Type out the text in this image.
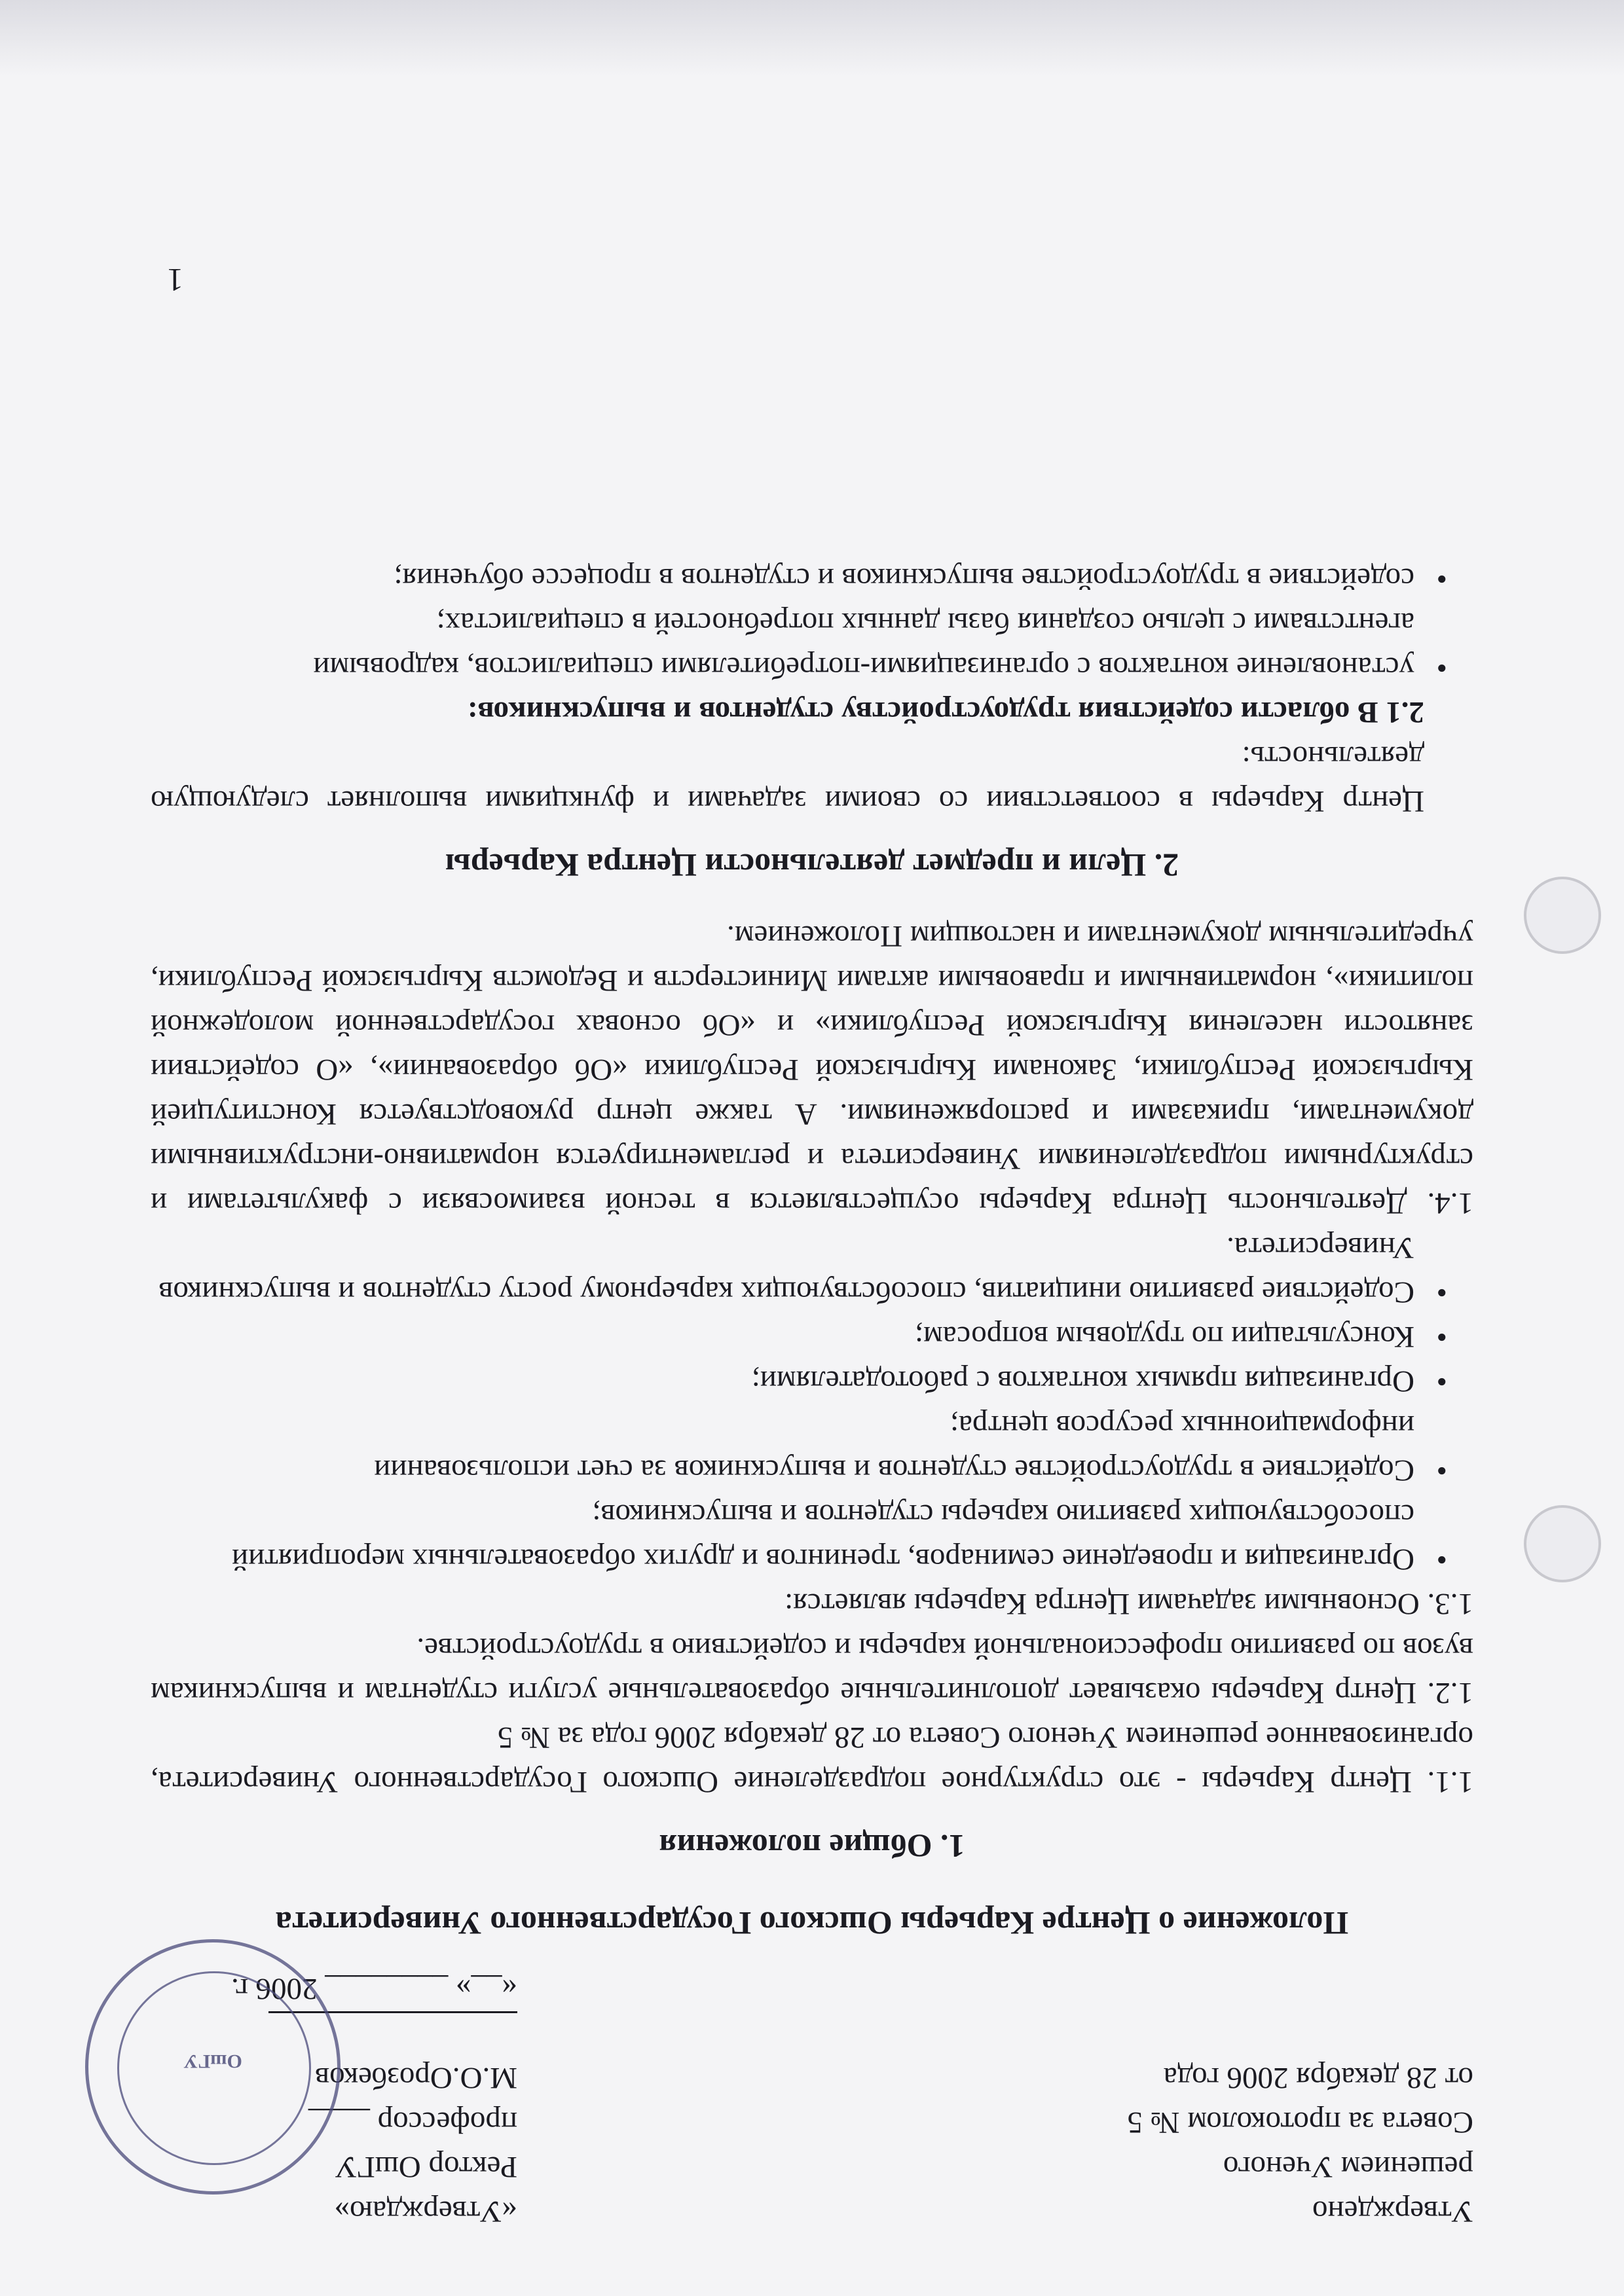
Утверждено
решением Ученого
Совета за протоколом № 5
от 28 декабря 2006 года
«Утверждаю»
Ректор ОшГУ
профессор ____ М.О.Орозбеков
«__» ________ 2006 г.
ОшГУ
Положение о Центре Карьеры Ошского Государственного Университета
1. Общие положения

1.1. Центр Карьеры - это структурное подразделение Ошского Государственного Университета, организованное решением Ученого Совета от 28 декабря 2006 года за № 5

1.2. Центр Карьеры оказывает дополнительные образовательные услуги студентам и выпускникам вузов по развитию профессиональной карьеры и содействию в трудоустройстве.

1.3. Основными задачами Центра Карьеры является:

• Организация и проведение семинаров, тренингов и других образовательных мероприятий способствующих развитию карьеры студентов и выпускников;
• Содействие в трудоустройстве студентов и выпускников за счет использовании информационных ресурсов центра;
• Организация прямых контактов с работодателями;
• Консультации по трудовым вопросам;
• Содействие развитию инициатив, способствующих карьерному росту студентов и выпускников Университета.

1.4. Деятельность Центра Карьеры осуществляется в тесной взаимосвязи с факультетами и структурными подразделениями Университета и регламентируется нормативно-инструктивными документами, приказами и распоряжениями. А также центр руководствуется Конституцией Кыргызской Республики, Законами Кыргызской Республики «Об образовании», «О содействии занятости населения Кыргызской Республики» и «Об основах государственной молодежной политики», нормативными и правовыми актами Министерств и Ведомств Кыргызской Республики, учредительным документами и настоящим Положением.

2. Цели и предмет деятельности Центра Карьеры

Центр Карьеры в соответствии со своими задачами и функциями выполняет следующую деятельность:

2.1 В области содействия трудоустройству студентов и выпускников:

• установление контактов с организациями-потребителями специалистов, кадровыми агентствами с целью создания базы данных потребностей в специалистах;
• содействие в трудоустройстве выпускников и студентов в процессе обучения;
1
